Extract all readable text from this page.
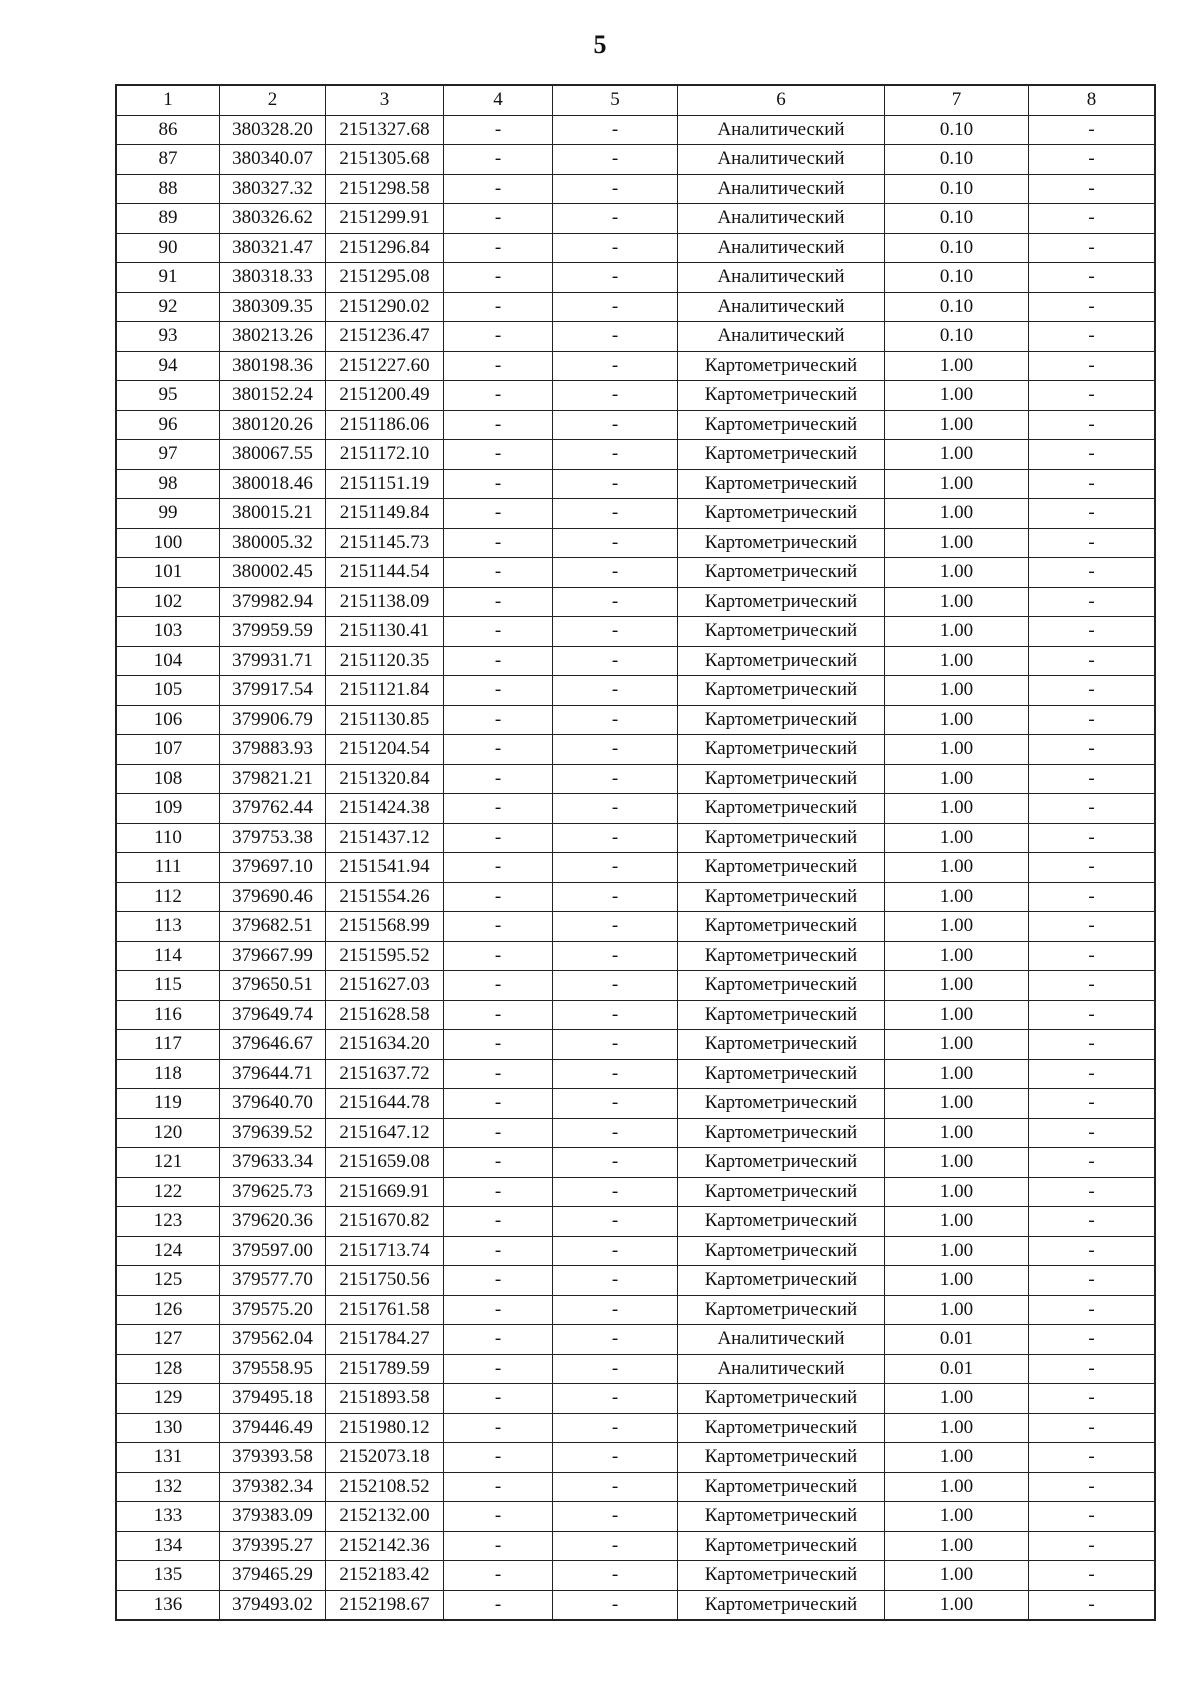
5
1	2	3	4	5	6	7	8
86	380328.20	2151327.68	-	-	Аналитический	0.10	-
87	380340.07	2151305.68	-	-	Аналитический	0.10	-
88	380327.32	2151298.58	-	-	Аналитический	0.10	-
89	380326.62	2151299.91	-	-	Аналитический	0.10	-
90	380321.47	2151296.84	-	-	Аналитический	0.10	-
91	380318.33	2151295.08	-	-	Аналитический	0.10	-
92	380309.35	2151290.02	-	-	Аналитический	0.10	-
93	380213.26	2151236.47	-	-	Аналитический	0.10	-
94	380198.36	2151227.60	-	-	Картометрический	1.00	-
95	380152.24	2151200.49	-	-	Картометрический	1.00	-
96	380120.26	2151186.06	-	-	Картометрический	1.00	-
97	380067.55	2151172.10	-	-	Картометрический	1.00	-
98	380018.46	2151151.19	-	-	Картометрический	1.00	-
99	380015.21	2151149.84	-	-	Картометрический	1.00	-
100	380005.32	2151145.73	-	-	Картометрический	1.00	-
101	380002.45	2151144.54	-	-	Картометрический	1.00	-
102	379982.94	2151138.09	-	-	Картометрический	1.00	-
103	379959.59	2151130.41	-	-	Картометрический	1.00	-
104	379931.71	2151120.35	-	-	Картометрический	1.00	-
105	379917.54	2151121.84	-	-	Картометрический	1.00	-
106	379906.79	2151130.85	-	-	Картометрический	1.00	-
107	379883.93	2151204.54	-	-	Картометрический	1.00	-
108	379821.21	2151320.84	-	-	Картометрический	1.00	-
109	379762.44	2151424.38	-	-	Картометрический	1.00	-
110	379753.38	2151437.12	-	-	Картометрический	1.00	-
111	379697.10	2151541.94	-	-	Картометрический	1.00	-
112	379690.46	2151554.26	-	-	Картометрический	1.00	-
113	379682.51	2151568.99	-	-	Картометрический	1.00	-
114	379667.99	2151595.52	-	-	Картометрический	1.00	-
115	379650.51	2151627.03	-	-	Картометрический	1.00	-
116	379649.74	2151628.58	-	-	Картометрический	1.00	-
117	379646.67	2151634.20	-	-	Картометрический	1.00	-
118	379644.71	2151637.72	-	-	Картометрический	1.00	-
119	379640.70	2151644.78	-	-	Картометрический	1.00	-
120	379639.52	2151647.12	-	-	Картометрический	1.00	-
121	379633.34	2151659.08	-	-	Картометрический	1.00	-
122	379625.73	2151669.91	-	-	Картометрический	1.00	-
123	379620.36	2151670.82	-	-	Картометрический	1.00	-
124	379597.00	2151713.74	-	-	Картометрический	1.00	-
125	379577.70	2151750.56	-	-	Картометрический	1.00	-
126	379575.20	2151761.58	-	-	Картометрический	1.00	-
127	379562.04	2151784.27	-	-	Аналитический	0.01	-
128	379558.95	2151789.59	-	-	Аналитический	0.01	-
129	379495.18	2151893.58	-	-	Картометрический	1.00	-
130	379446.49	2151980.12	-	-	Картометрический	1.00	-
131	379393.58	2152073.18	-	-	Картометрический	1.00	-
132	379382.34	2152108.52	-	-	Картометрический	1.00	-
133	379383.09	2152132.00	-	-	Картометрический	1.00	-
134	379395.27	2152142.36	-	-	Картометрический	1.00	-
135	379465.29	2152183.42	-	-	Картометрический	1.00	-
136	379493.02	2152198.67	-	-	Картометрический	1.00	-
